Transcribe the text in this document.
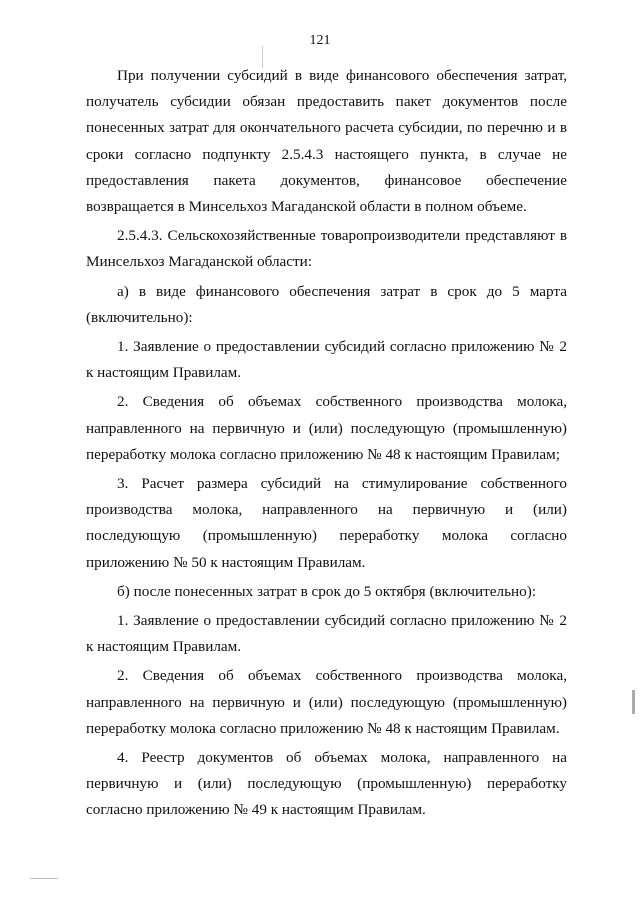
121

При получении субсидий в виде финансового обеспечения затрат, получатель субсидии обязан предоставить пакет документов после понесенных затрат для окончательного расчета субсидии, по перечню и в сроки согласно подпункту 2.5.4.3 настоящего пункта, в случае не предоставления пакета документов, финансовое обеспечение возвращается в Минсельхоз Магаданской области в полном объеме.

2.5.4.3. Сельскохозяйственные товаропроизводители представляют в Минсельхоз Магаданской области:

а) в виде финансового обеспечения затрат в срок до 5 марта (включительно):

1. Заявление о предоставлении субсидий согласно приложению № 2 к настоящим Правилам.

2. Сведения об объемах собственного производства молока, направленного на первичную и (или) последующую (промышленную) переработку молока согласно приложению № 48 к настоящим Правилам;

3. Расчет размера субсидий на стимулирование собственного производства молока, направленного на первичную и (или) последующую (промышленную) переработку молока согласно приложению № 50 к настоящим Правилам.

б) после понесенных затрат в срок до 5 октября (включительно):

1. Заявление о предоставлении субсидий согласно приложению № 2 к настоящим Правилам.

2. Сведения об объемах собственного производства молока, направленного на первичную и (или) последующую (промышленную) переработку молока согласно приложению № 48 к настоящим Правилам.

4. Реестр документов об объемах молока, направленного на первичную и (или) последующую (промышленную) переработку согласно приложению № 49 к настоящим Правилам.
